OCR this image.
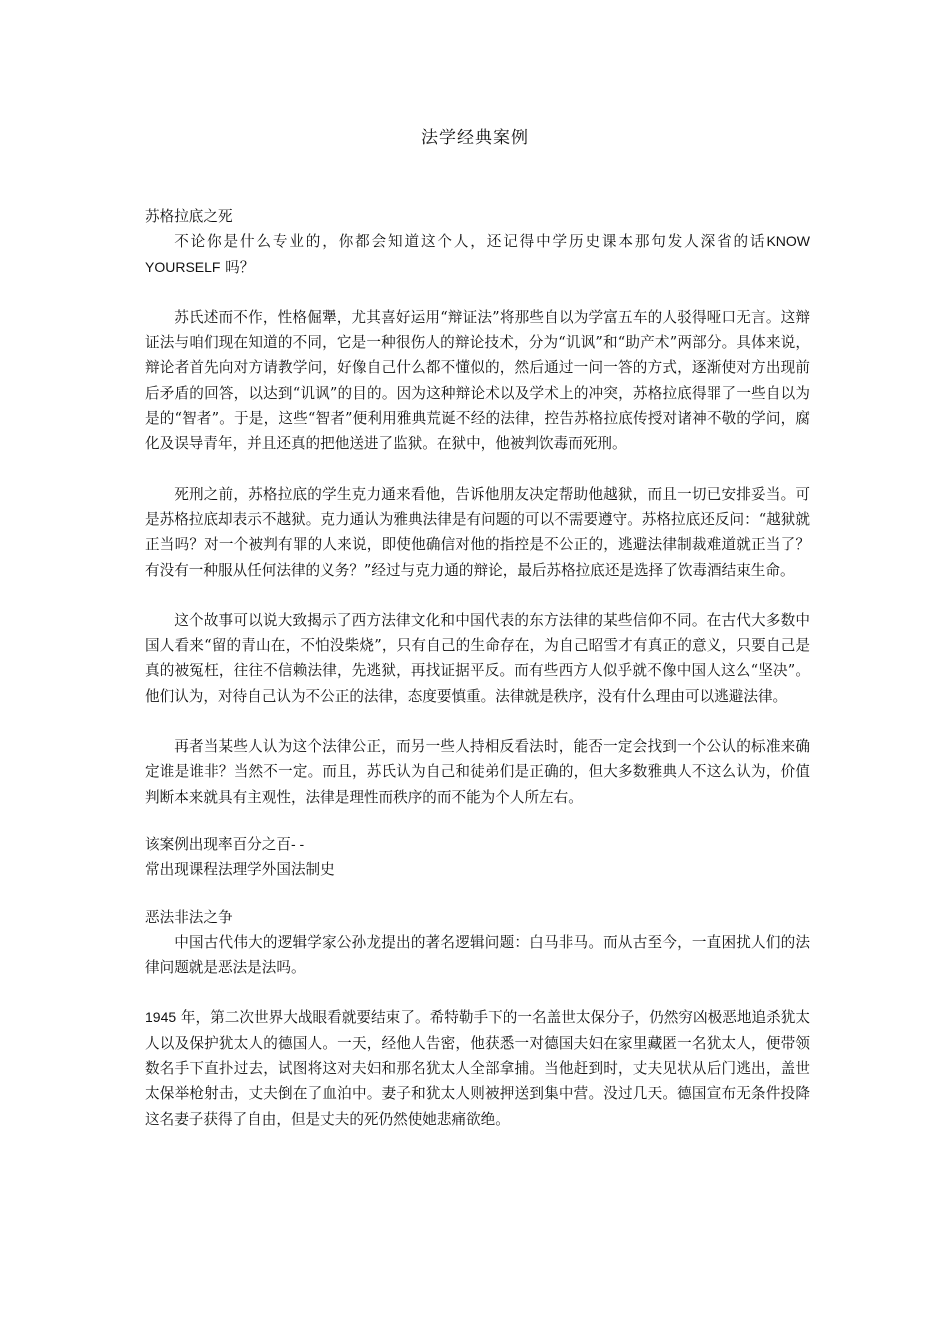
法学经典案例

苏格拉底之死

不论你是什么专业的，你都会知道这个人，还记得中学历史课本那句发人深省的话KNOW YOURSELF 吗？

苏氏述而不作，性格倔犟，尤其喜好运用“辩证法”将那些自以为学富五车的人驳得哑口无言。这辩证法与咱们现在知道的不同，它是一种很伤人的辩论技术，分为“讥讽”和“助产术”两部分。具体来说，辩论者首先向对方请教学问，好像自己什么都不懂似的，然后通过一问一答的方式，逐渐使对方出现前后矛盾的回答，以达到“讥讽”的目的。因为这种辩论术以及学术上的冲突，苏格拉底得罪了一些自以为是的“智者”。于是，这些“智者”便利用雅典荒诞不经的法律，控告苏格拉底传授对诸神不敬的学问，腐化及误导青年，并且还真的把他送进了监狱。在狱中，他被判饮毒而死刑。

死刑之前，苏格拉底的学生克力通来看他，告诉他朋友决定帮助他越狱，而且一切已安排妥当。可是苏格拉底却表示不越狱。克力通认为雅典法律是有问题的可以不需要遵守。苏格拉底还反问：“越狱就正当吗？对一个被判有罪的人来说，即使他确信对他的指控是不公正的，逃避法律制裁难道就正当了？有没有一种服从任何法律的义务？”经过与克力通的辩论，最后苏格拉底还是选择了饮毒酒结束生命。

这个故事可以说大致揭示了西方法律文化和中国代表的东方法律的某些信仰不同。在古代大多数中国人看来“留的青山在，不怕没柴烧”，只有自己的生命存在，为自己昭雪才有真正的意义，只要自己是真的被冤枉，往往不信赖法律，先逃狱，再找证据平反。而有些西方人似乎就不像中国人这么“坚决”。他们认为，对待自己认为不公正的法律，态度要慎重。法律就是秩序，没有什么理由可以逃避法律。

再者当某些人认为这个法律公正，而另一些人持相反看法时，能否一定会找到一个公认的标准来确定谁是谁非？当然不一定。而且，苏氏认为自己和徒弟们是正确的，但大多数雅典人不这么认为，价值判断本来就具有主观性，法律是理性而秩序的而不能为个人所左右。

该案例出现率百分之百- -

常出现课程法理学外国法制史

恶法非法之争

中国古代伟大的逻辑学家公孙龙提出的著名逻辑问题：白马非马。而从古至今，一直困扰人们的法律问题就是恶法是法吗。

1945 年，第二次世界大战眼看就要结束了。希特勒手下的一名盖世太保分子，仍然穷凶极恶地追杀犹太人以及保护犹太人的德国人。一天，经他人告密，他获悉一对德国夫妇在家里藏匿一名犹太人，便带领数名手下直扑过去，试图将这对夫妇和那名犹太人全部拿捕。当他赶到时，丈夫见状从后门逃出，盖世太保举枪射击，丈夫倒在了血泊中。妻子和犹太人则被押送到集中营。没过几天。德国宣布无条件投降这名妻子获得了自由，但是丈夫的死仍然使她悲痛欲绝。
